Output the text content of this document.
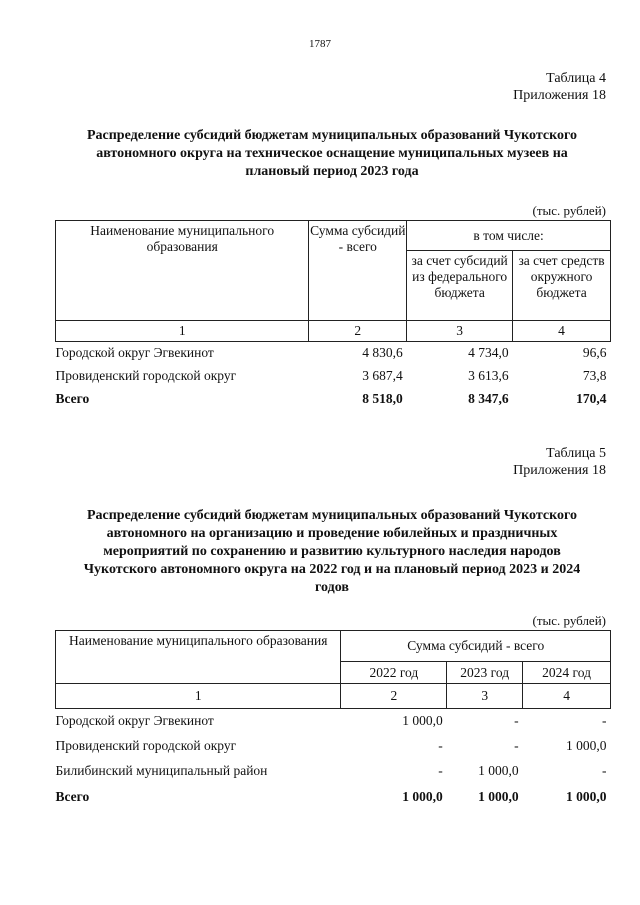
1787
Таблица 4
Приложения 18
Распределение субсидий бюджетам муниципальных образований Чукотского
автономного округа на техническое оснащение муниципальных музеев на
плановый период 2023 года
(тыс. рублей)
Наименование муниципального образования	Сумма субсидий - всего	в том числе:	
		за счет субсидий из федерального бюджета	за счет средств окружного бюджета
1	2	3	4
Городской округ Эгвекинот	4 830,6	4 734,0	96,6
Провиденский городской округ	3 687,4	3 613,6	73,8
Всего	8 518,0	8 347,6	170,4
Таблица 5
Приложения 18
Распределение субсидий бюджетам муниципальных образований Чукотского
автономного на организацию и проведение юбилейных и праздничных
мероприятий по сохранению и развитию культурного наследия народов
Чукотского автономного округа на 2022 год и на плановый период 2023 и 2024
годов
(тыс. рублей)
Наименование муниципального образования	Сумма субсидий - всего		
	2022 год	2023 год	2024 год
1	2	3	4
Городской округ Эгвекинот	1 000,0	-	-
Провиденский городской округ	-	-	1 000,0
Билибинский муниципальный район	-	1 000,0	-
Всего	1 000,0	1 000,0	1 000,0
